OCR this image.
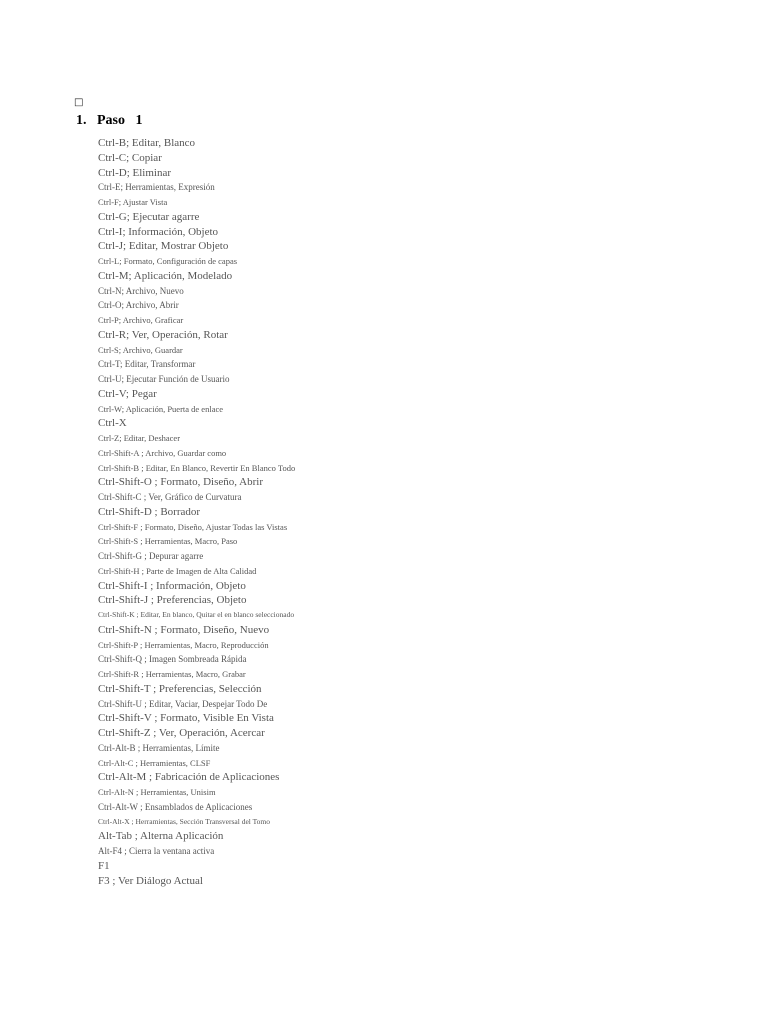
□
1. Paso 1
Ctrl-B; Editar, Blanco
Ctrl-C; Copiar
Ctrl-D; Eliminar
Ctrl-E; Herramientas, Expresión
Ctrl-F; Ajustar Vista
Ctrl-G; Ejecutar agarre
Ctrl-I; Información, Objeto
Ctrl-J; Editar, Mostrar Objeto
Ctrl-L; Formato, Configuración de capas
Ctrl-M; Aplicación, Modelado
Ctrl-N; Archivo, Nuevo
Ctrl-O; Archivo, Abrir
Ctrl-P; Archivo, Graficar
Ctrl-R; Ver, Operación, Rotar
Ctrl-S; Archivo, Guardar
Ctrl-T; Editar, Transformar
Ctrl-U; Ejecutar Función de Usuario
Ctrl-V; Pegar
Ctrl-W; Aplicación, Puerta de enlace
Ctrl-X
Ctrl-Z; Editar, Deshacer
Ctrl-Shift-A ; Archivo, Guardar como
Ctrl-Shift-B ; Editar, En Blanco, Revertir En Blanco Todo
Ctrl-Shift-O ; Formato, Diseño, Abrir
Ctrl-Shift-C ; Ver, Gráfico de Curvatura
Ctrl-Shift-D ; Borrador
Ctrl-Shift-F ; Formato, Diseño, Ajustar Todas las Vistas
Ctrl-Shift-S ; Herramientas, Macro, Paso
Ctrl-Shift-G ; Depurar agarre
Ctrl-Shift-H ; Parte de Imagen de Alta Calidad
Ctrl-Shift-I ; Información, Objeto
Ctrl-Shift-J ; Preferencias, Objeto
Ctrl-Shift-K ; Editar, En blanco, Quitar el en blanco seleccionado
Ctrl-Shift-N ; Formato, Diseño, Nuevo
Ctrl-Shift-P ; Herramientas, Macro, Reproducción
Ctrl-Shift-Q ; Imagen Sombreada Rápida
Ctrl-Shift-R ; Herramientas, Macro, Grabar
Ctrl-Shift-T ; Preferencias, Selección
Ctrl-Shift-U ; Editar, Vaciar, Despejar Todo De
Ctrl-Shift-V ; Formato, Visible En Vista
Ctrl-Shift-Z ; Ver, Operación, Acercar
Ctrl-Alt-B ; Herramientas, Límite
Ctrl-Alt-C ; Herramientas, CLSF
Ctrl-Alt-M ; Fabricación de Aplicaciones
Ctrl-Alt-N ; Herramientas, Unisim
Ctrl-Alt-W ; Ensamblados de Aplicaciones
Ctrl-Alt-X ; Herramientas, Sección Transversal del Tomo
Alt-Tab ; Alterna Aplicación
Alt-F4 ; Cierra la ventana activa
F1
F3 ; Ver Diálogo Actual
